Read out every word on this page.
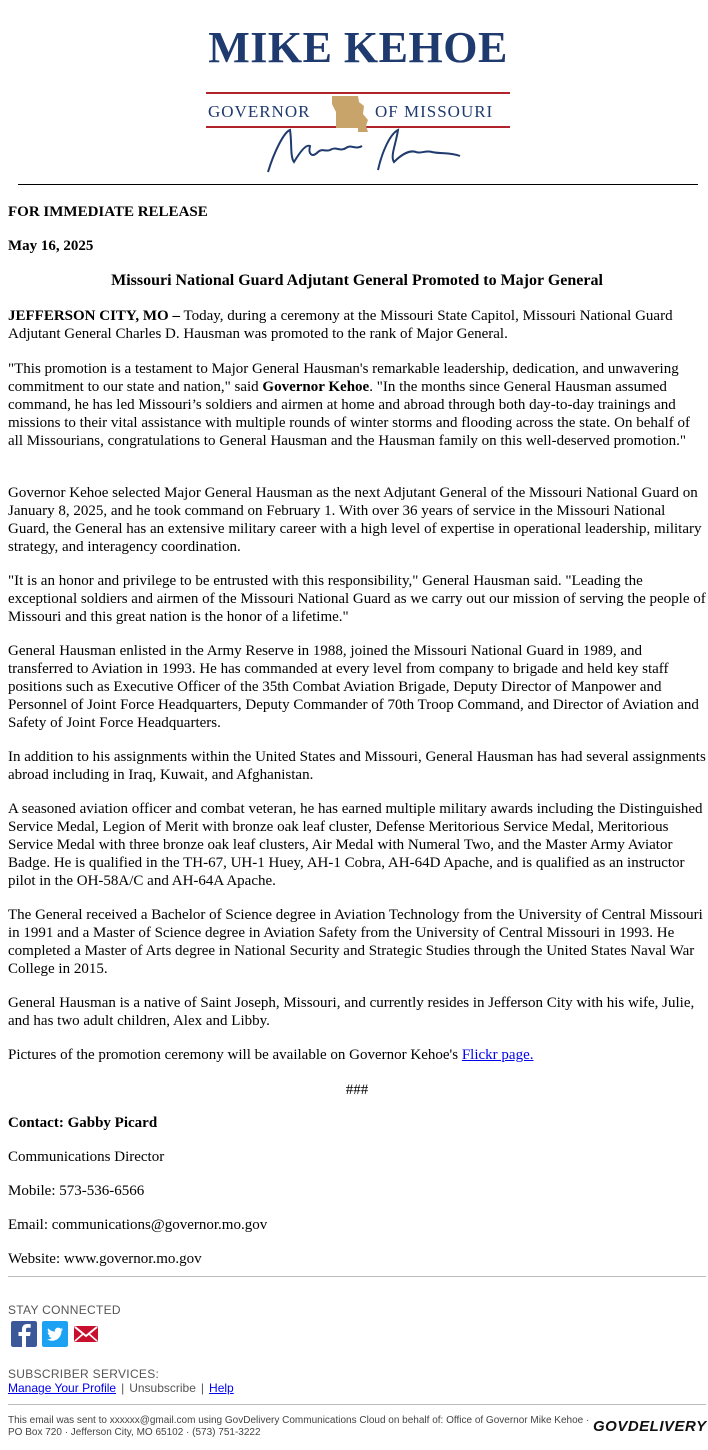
MIKE KEHOE
GOVERNOR	OF MISSOURI
FOR IMMEDIATE RELEASE
May 16, 2025
Missouri National Guard Adjutant General Promoted to Major General

JEFFERSON CITY, MO – Today, during a ceremony at the Missouri State Capitol, Missouri National Guard Adjutant General Charles D. Hausman was promoted to the rank of Major General.

"This promotion is a testament to Major General Hausman's remarkable leadership, dedication, and unwavering commitment to our state and nation," said Governor Kehoe. "In the months since General Hausman assumed command, he has led Missouri’s soldiers and airmen at home and abroad through both day-to-day trainings and missions to their vital assistance with multiple rounds of winter storms and flooding across the state. On behalf of all Missourians, congratulations to General Hausman and the Hausman family on this well-deserved promotion."

Governor Kehoe selected Major General Hausman as the next Adjutant General of the Missouri National Guard on January 8, 2025, and he took command on February 1. With over 36 years of service in the Missouri National Guard, the General has an extensive military career with a high level of expertise in operational leadership, military strategy, and interagency coordination.

"It is an honor and privilege to be entrusted with this responsibility," General Hausman said. "Leading the exceptional soldiers and airmen of the Missouri National Guard as we carry out our mission of serving the people of Missouri and this great nation is the honor of a lifetime."

General Hausman enlisted in the Army Reserve in 1988, joined the Missouri National Guard in 1989, and transferred to Aviation in 1993. He has commanded at every level from company to brigade and held key staff positions such as Executive Officer of the 35th Combat Aviation Brigade, Deputy Director of Manpower and Personnel of Joint Force Headquarters, Deputy Commander of 70th Troop Command, and Director of Aviation and Safety of Joint Force Headquarters.

In addition to his assignments within the United States and Missouri, General Hausman has had several assignments abroad including in Iraq, Kuwait, and Afghanistan.

A seasoned aviation officer and combat veteran, he has earned multiple military awards including the Distinguished Service Medal, Legion of Merit with bronze oak leaf cluster, Defense Meritorious Service Medal, Meritorious Service Medal with three bronze oak leaf clusters, Air Medal with Numeral Two, and the Master Army Aviator Badge. He is qualified in the TH-67, UH-1 Huey, AH-1 Cobra, AH-64D Apache, and is qualified as an instructor pilot in the OH-58A/C and AH-64A Apache.

The General received a Bachelor of Science degree in Aviation Technology from the University of Central Missouri in 1991 and a Master of Science degree in Aviation Safety from the University of Central Missouri in 1993. He completed a Master of Arts degree in National Security and Strategic Studies through the United States Naval War College in 2015.

General Hausman is a native of Saint Joseph, Missouri, and currently resides in Jefferson City with his wife, Julie, and has two adult children, Alex and Libby.

Pictures of the promotion ceremony will be available on Governor Kehoe's Flickr page.

###
Contact: Gabby Picard
Communications Director
Mobile: 573-536-6566
Email: communications@governor.mo.gov
Website: www.governor.mo.gov
STAY CONNECTED
SUBSCRIBER SERVICES:
Manage Your Profile | Unsubscribe | Help
This email was sent to xxxxxx@gmail.com using GovDelivery Communications Cloud on behalf of: Office of Governor Mike Kehoe ·
PO Box 720 · Jefferson City, MO 65102 · (573) 751-3222	GOVDELIVERY
